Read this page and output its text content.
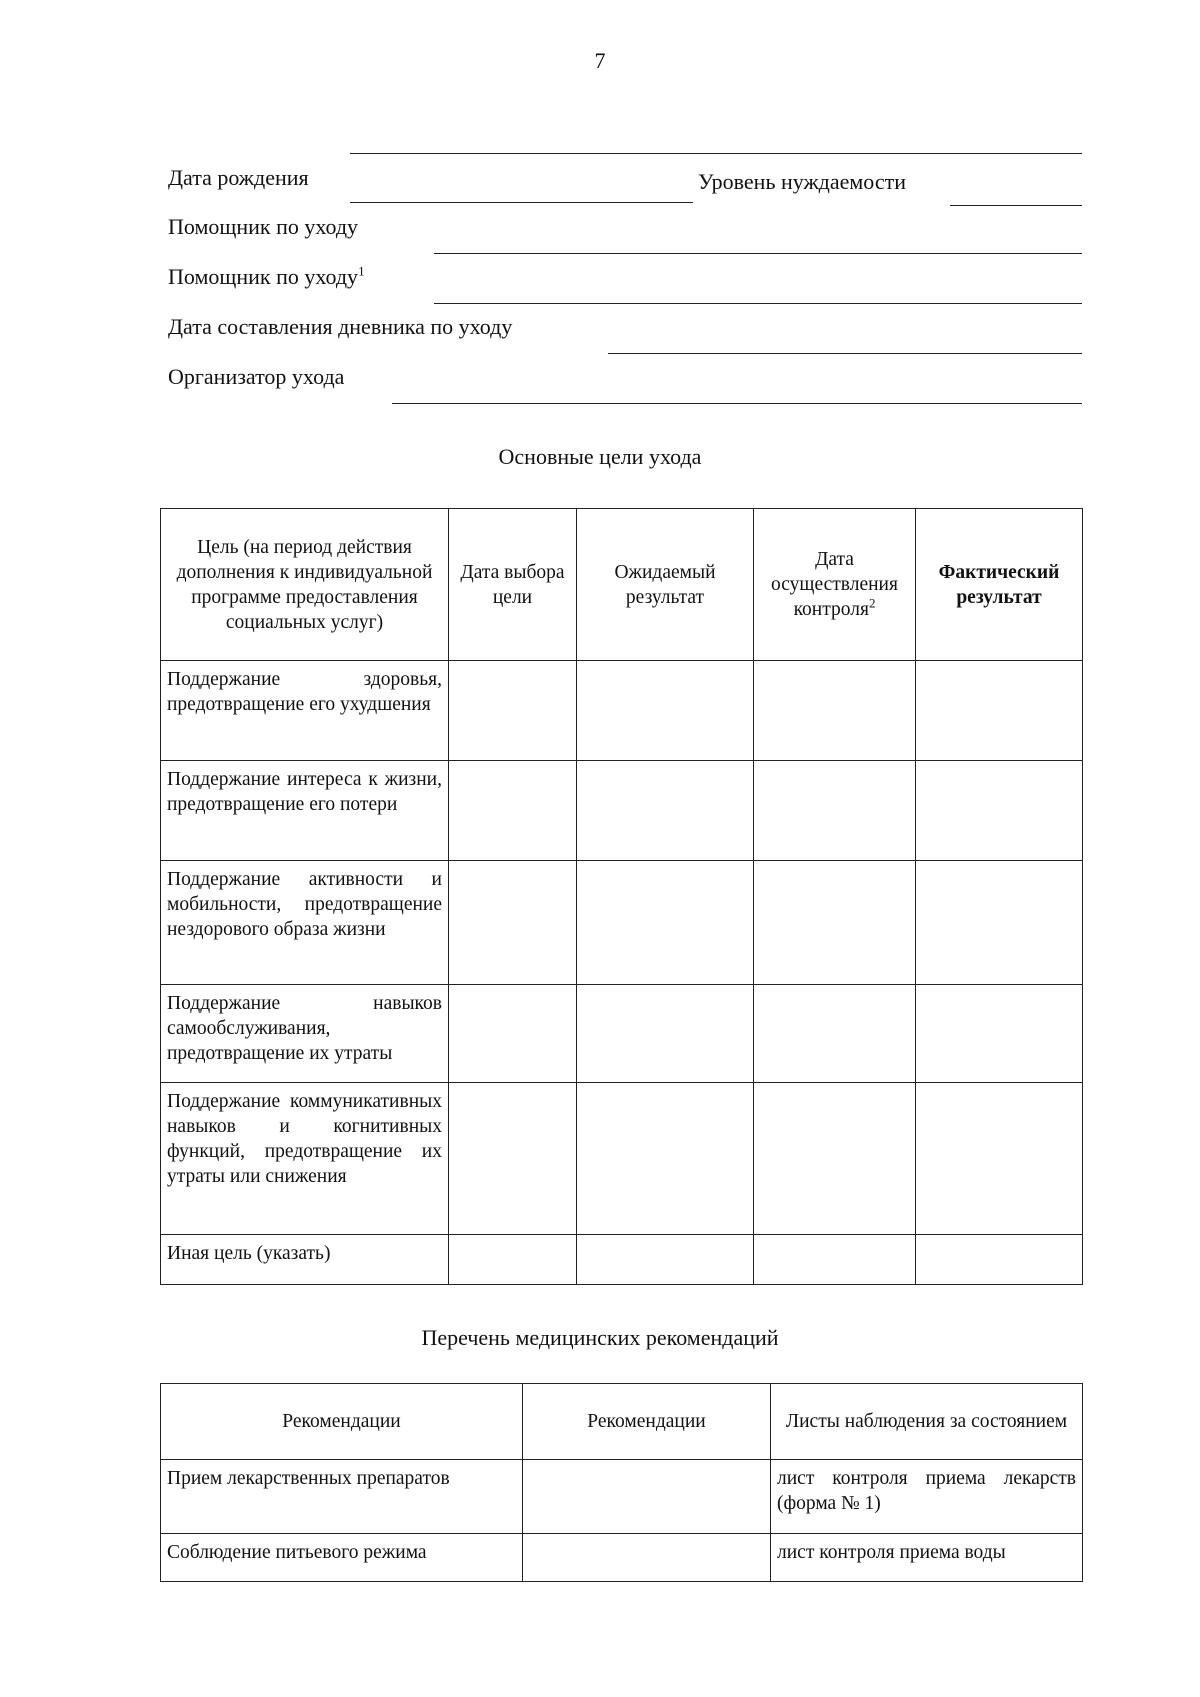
7
Дата рождения	Уровень нуждаемости
Помощник по уходу
Помощник по уходу$^1$
Дата составления дневника по уходу
Организатор ухода
Основные цели ухода
Цель (на период действия дополнения к индивидуальной программе предоставления социальных услуг)	Дата выбора цели	Ожидаемый результат	Дата осуществления контроля$^2$	Фактический результат
Поддержание здоровья, предотвращение его ухудшения				
Поддержание интереса к жизни, предотвращение его потери				
Поддержание активности и мобильности, предотвращение нездорового образа жизни				
Поддержание навыков самообслуживания, предотвращение их утраты				
Поддержание коммуникативных навыков и когнитивных функций, предотвращение их утраты или снижения				
Иная цель (указать)				
Перечень медицинских рекомендаций
Рекомендации	Рекомендации	Листы наблюдения за состоянием
Прием лекарственных препаратов		лист контроля приема лекарств (форма № 1)
Соблюдение питьевого режима		лист контроля приема воды
